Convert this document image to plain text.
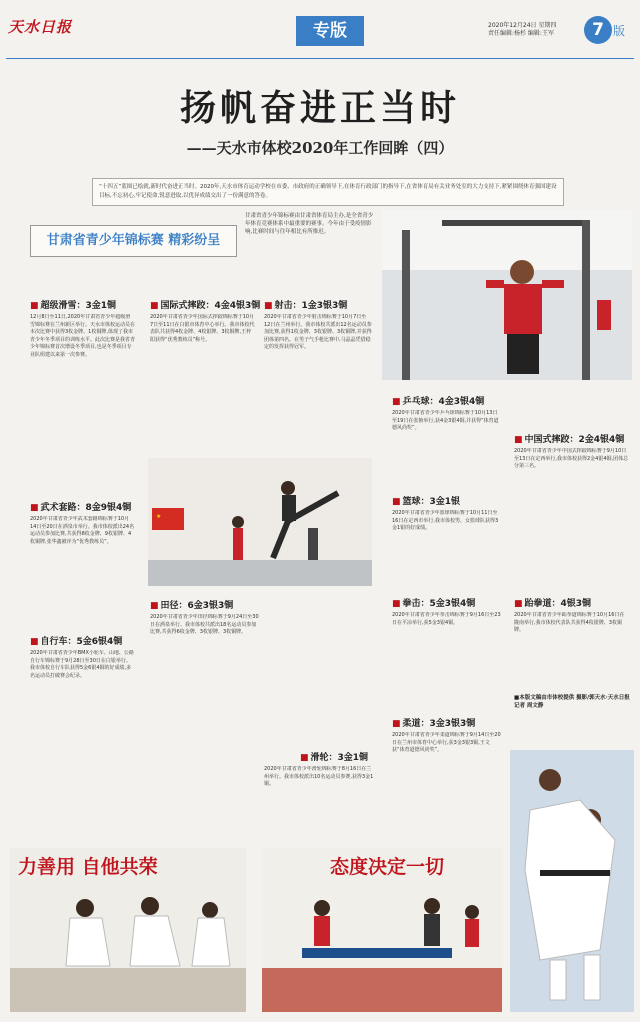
天水日报	专版	2020年12月24日 星期四
责任编辑:杨杉 编辑:王军	7 版
扬帆奋进正当时
——天水市体校2020年工作回眸（四）
“十四五”蓝图已绘就,新时代奋进正当时。2020年,天水市体育运动学校在市委、市政府的正确领导下,在体育行政部门的指导下,在省体育局有关业务处室的大力支持下,紧紧围绕体育强国建设目标,不忘初心,牢记使命,锐意进取,以优异成绩交出了一份满意的答卷。
甘肃省青少年锦标赛 精彩纷呈
甘肃省青少年锦标赛由甘肃省体育局主办,是全省青少年体育竞赛体系中最重要的赛事。今年由于受疫情影响,比赛时间与往年相比有所推迟。
■ 超级滑雪：3金1铜
12月8日至11日,2020年甘肃省青少年超级滑雪锦标赛在兰州新区举行。天水市体校运动员在本次比赛中获得3枚金牌、1枚铜牌,体现了我市青少年冬季项目的训练水平。此次比赛是我省青少年锦标赛首次增设冬季项目,也是冬季项目专业队组建以来第一次参赛。
■ 武术套路：8金9银4铜
2020年甘肃省青少年武术套路锦标赛于10月14日至20日在酒泉市举行。我市体校派出24名运动员参加比赛,共获得8枚金牌、9枚银牌、4枚铜牌,张华鑫被评为“优秀教练员”。
■ 自行车：5金6银4铜
2020年甘肃省青少年BMX小轮车、山地、公路自行车锦标赛于9月28日至30日在白银举行。我市体校自行车队获得5金6银4铜的好成绩,多名运动员打破赛会纪录。
■ 国际式摔跤：4金4银3铜
2020年甘肃省青少年国际式摔跤锦标赛于10月7日至11日在白银市体育中心举行。我市体校代表队共获得4枚金牌、4枚银牌、3枚铜牌,王梓阳获得“优秀教练员”称号。
★
■ 田径：6金3银3铜
2020年甘肃省青少年田径锦标赛于9月24日至30日在酒泉举行。我市体校共派出18名运动员参加比赛,共获得6枚金牌、3枚银牌、3枚铜牌。
■ 射击：1金3银3铜
2020年甘肃省青少年射击锦标赛于10月7日至12日在兰州举行。我市体校共派出12名运动员参加比赛,获得1枚金牌、3枚银牌、3枚铜牌,并获得团体第四名。在男子气手枪比赛中,马晶晶凭借稳定的发挥获得冠军。
■ 滑轮：3金1铜
2020年甘肃省青少年滑轮锦标赛于8月16日在兰州举行。我市体校派出10名运动员参赛,获得3金1铜。
■ 乒乓球：4金3银4铜
2020年甘肃省青少年乒乓球锦标赛于10月13日至19日在张掖举行,获4金3银4铜,并获得“体育道德风尚奖”。
■ 篮球：3金1银
2020年甘肃省青少年篮球锦标赛于10月11日至16日在定西市举行,我市体校男、女篮球队获得3金1银的好成绩。
■ 拳击：5金3银4铜
2020年甘肃省青少年拳击锦标赛于9月16日至23日在平凉举行,获5金3银4铜。
■ 柔道：3金3银3铜
2020年甘肃省青少年柔道锦标赛于9月14日至20日在兰州市体育中心举行,获3金3银3铜,王文获“体育道德风尚奖”。
■ 中国式摔跤：2金4银4铜
2020年甘肃省青少年中国式摔跤锦标赛于9月10日至13日在定西举行,我市体校获得2金4银4铜,团体总分第三名。
■ 跆拳道：4银3铜
2020年甘肃省青少年跆拳道锦标赛于10月16日在陇南举行,我市体校代表队共获得4枚银牌、3枚铜牌。
■本版文稿由市体校提供 摄影/郭天水·天水日报记者 周文静
力善用 自他共荣	态度决定一切
